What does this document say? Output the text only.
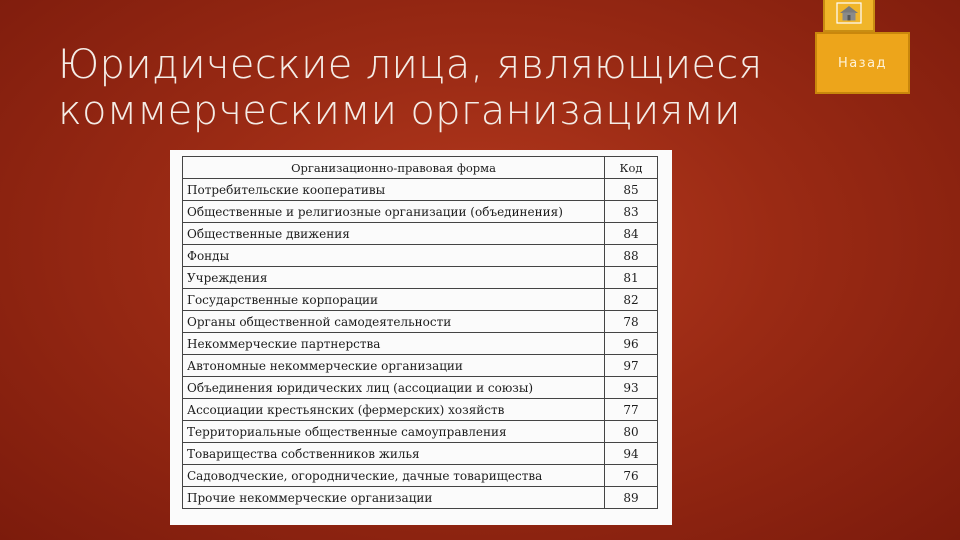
Юридические лица, являющиеся
коммерческими организациями
Назад
Организационно-правовая форма	Код
Потребительские кооперативы	85
Общественные и религиозные организации (объединения)	83
Общественные движения	84
Фонды	88
Учреждения	81
Государственные корпорации	82
Органы общественной самодеятельности	78
Некоммерческие партнерства	96
Автономные некоммерческие организации	97
Объединения юридических лиц (ассоциации и союзы)	93
Ассоциации крестьянских (фермерских) хозяйств	77
Территориальные общественные самоуправления	80
Товарищества собственников жилья	94
Садоводческие, огороднические, дачные товарищества	76
Прочие некоммерческие организации	89
